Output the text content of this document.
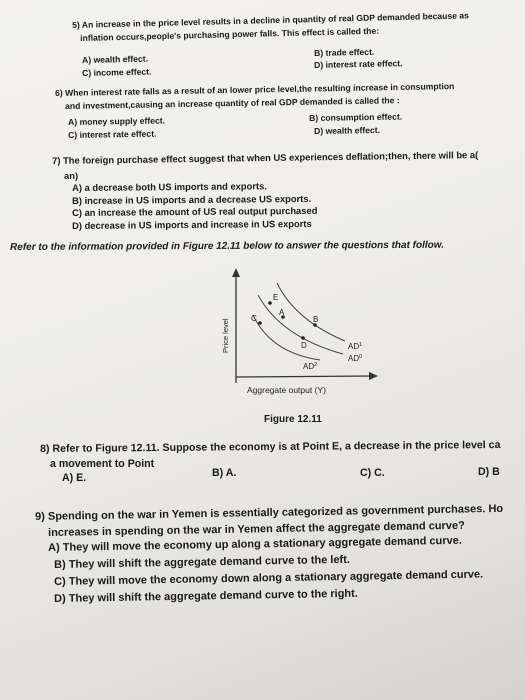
5) An increase in the price level results in a decline in quantity of real GDP demanded because as
inflation occurs,people's purchasing power falls. This effect is called the:
A) wealth effect.
B) trade effect.
C) income effect.
D) interest rate effect.
6) When interest rate falls as a result of an lower price level,the resulting increase in consumption
and investment,causing an increase quantity of real GDP demanded is called the :
A) money supply effect.	B) consumption effect.
C) interest rate effect.	D) wealth effect.
7) The foreign purchase effect suggest that when US experiences deflation;then, there will be a(
an)
A) a decrease both US imports and exports.
B) increase in US imports and a decrease US exports.
C) an increase the amount of US real output purchased
D) decrease in US imports and increase in US exports
Refer to the information provided in Figure 12.11 below to answer the questions that follow.
E
C
A
B
D	$AD^1$
$AD^0$
$AD^2$
Price level
Aggregate output (Y)
Figure 12.11
8) Refer to Figure 12.11. Suppose the economy is at Point E, a decrease in the price level ca
a movement to Point
A) E.	B) A.	C) C.	D) B
9) Spending on the war in Yemen is essentially categorized as government purchases. Ho
increases in spending on the war in Yemen affect the aggregate demand curve?
A) They will move the economy up along a stationary aggregate demand curve.
B) They will shift the aggregate demand curve to the left.
C) They will move the economy down along a stationary aggregate demand curve.
D) They will shift the aggregate demand curve to the right.
